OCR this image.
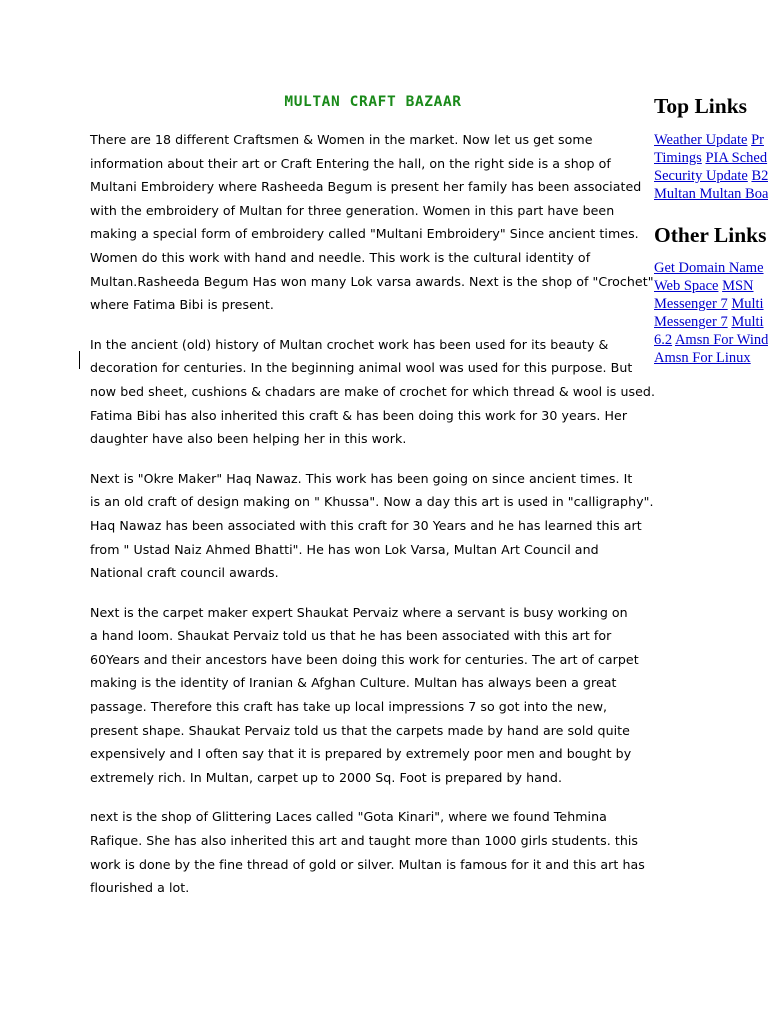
MULTAN CRAFT BAZAAR

There are 18 different Craftsmen & Women in the market. Now let us get some
information about their art or Craft Entering the hall, on the right side is a shop of
Multani Embroidery where Rasheeda Begum is present her family has been associated
with the embroidery of Multan for three generation. Women in this part have been
making a special form of embroidery called "Multani Embroidery" Since ancient times.
Women do this work with hand and needle. This work is the cultural identity of
Multan.Rasheeda Begum Has won many Lok varsa awards. Next is the shop of "Crochet"
where Fatima Bibi is present.

In the ancient (old) history of Multan crochet work has been used for its beauty &
decoration for centuries. In the beginning animal wool was used for this purpose. But
now bed sheet, cushions & chadars are make of crochet for which thread & wool is used.
Fatima Bibi has also inherited this craft & has been doing this work for 30 years. Her
daughter have also been helping her in this work.

Next is "Okre Maker" Haq Nawaz. This work has been going on since ancient times. It
is an old craft of design making on " Khussa". Now a day this art is used in "calligraphy".
Haq Nawaz has been associated with this craft for 30 Years and he has learned this art
from " Ustad Naiz Ahmed Bhatti". He has won Lok Varsa, Multan Art Council and
National craft council awards.

Next is the carpet maker expert Shaukat Pervaiz where a servant is busy working on
a hand loom. Shaukat Pervaiz told us that he has been associated with this art for
60Years and their ancestors have been doing this work for centuries. The art of carpet
making is the identity of Iranian & Afghan Culture. Multan has always been a great
passage. Therefore this craft has take up local impressions 7 so got into the new,
present shape. Shaukat Pervaiz told us that the carpets made by hand are sold quite
expensively and I often say that it is prepared by extremely poor men and bought by
extremely rich. In Multan, carpet up to 2000 Sq. Foot is prepared by hand.

next is the shop of Glittering Laces called "Gota Kinari", where we found Tehmina
Rafique. She has also inherited this art and taught more than 1000 girls students. this
work is done by the fine thread of gold or silver. Multan is famous for it and this art has
flourished a lot.

Top Links
Weather Update Pr
Timings PIA Sched
Security Update B2
Multan Multan Boa
Other Links
Get Domain Name
Web Space MSN
Messenger 7 Multi
Messenger 7 Multi
6.2 Amsn For Wind
Amsn For Linux
